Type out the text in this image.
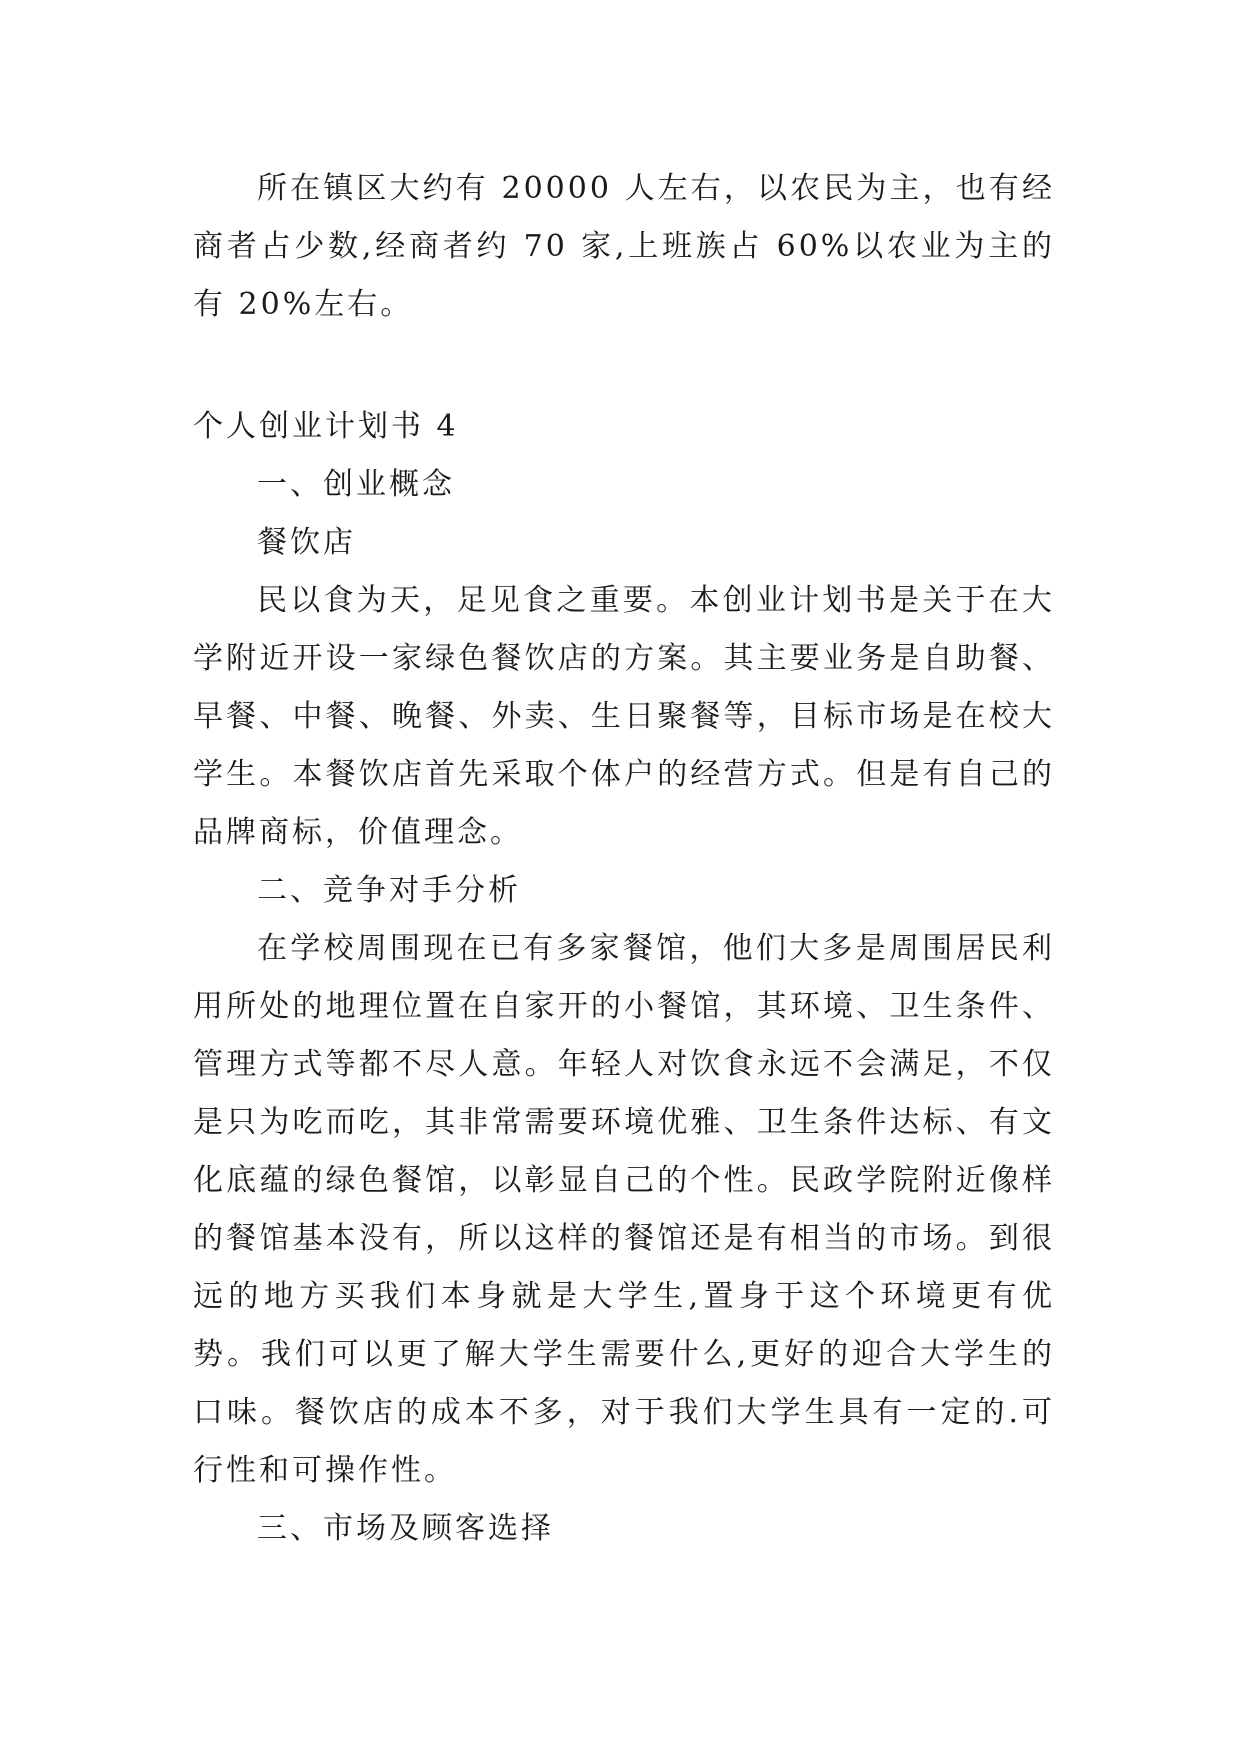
所在镇区大约有 20000 人左右，以农民为主，也有经商者占少数,经商者约 70 家,上班族占 60%以农业为主的有 20%左右。

个人创业计划书 4

一、创业概念

餐饮店

民以食为天，足见食之重要。本创业计划书是关于在大学附近开设一家绿色餐饮店的方案。其主要业务是自助餐、早餐、中餐、晚餐、外卖、生日聚餐等，目标市场是在校大学生。本餐饮店首先采取个体户的经营方式。但是有自己的品牌商标，价值理念。

二、竞争对手分析

在学校周围现在已有多家餐馆，他们大多是周围居民利用所处的地理位置在自家开的小餐馆，其环境、卫生条件、管理方式等都不尽人意。年轻人对饮食永远不会满足，不仅是只为吃而吃，其非常需要环境优雅、卫生条件达标、有文化底蕴的绿色餐馆，以彰显自己的个性。民政学院附近像样的餐馆基本没有，所以这样的餐馆还是有相当的市场。到很远的地方买我们本身就是大学生,置身于这个环境更有优势。我们可以更了解大学生需要什么,更好的迎合大学生的口味。餐饮店的成本不多，对于我们大学生具有一定的.可行性和可操作性。

三、市场及顾客选择
